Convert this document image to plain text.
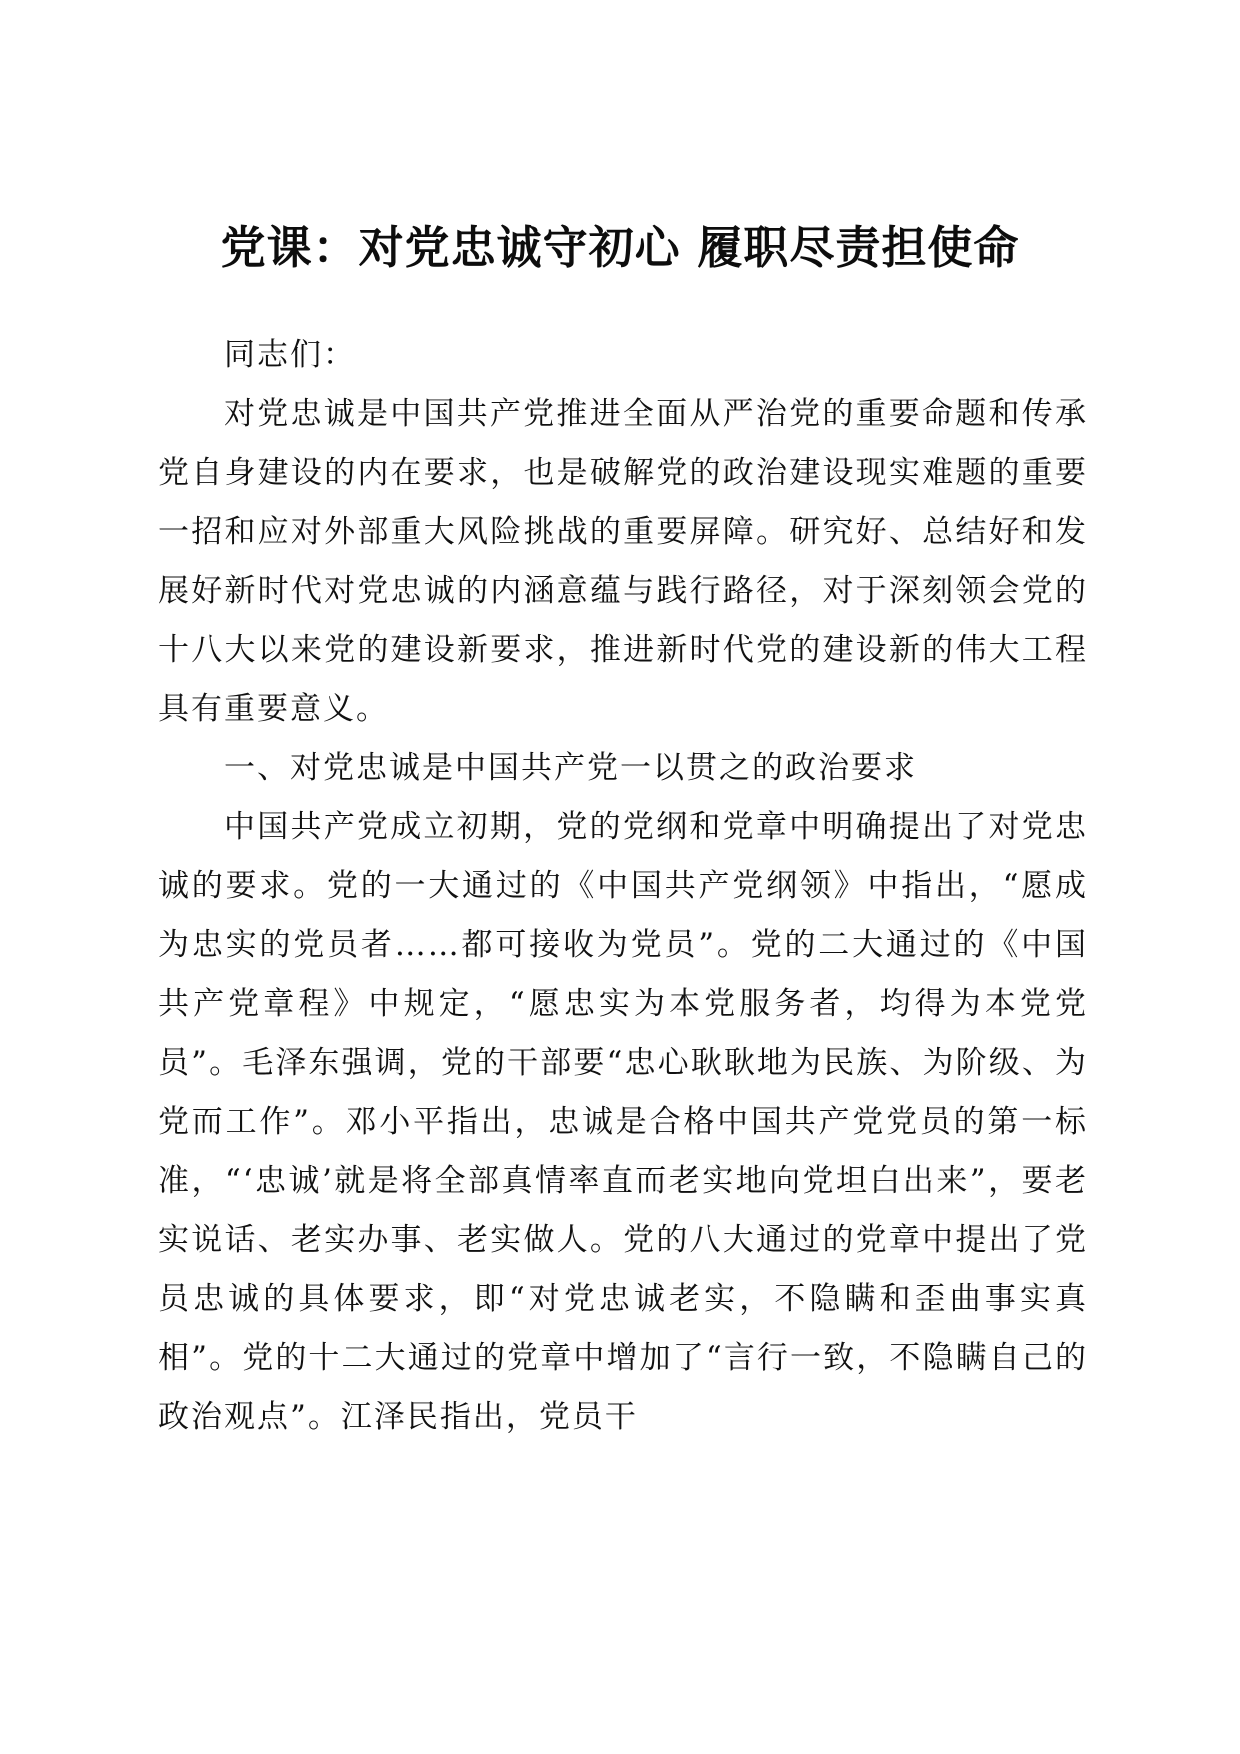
党课：对党忠诚守初心 履职尽责担使命

同志们：

对党忠诚是中国共产党推进全面从严治党的重要命题和传承党自身建设的内在要求，也是破解党的政治建设现实难题的重要一招和应对外部重大风险挑战的重要屏障。研究好、总结好和发展好新时代对党忠诚的内涵意蕴与践行路径，对于深刻领会党的十八大以来党的建设新要求，推进新时代党的建设新的伟大工程具有重要意义。

一、对党忠诚是中国共产党一以贯之的政治要求

中国共产党成立初期，党的党纲和党章中明确提出了对党忠诚的要求。党的一大通过的《中国共产党纲领》中指出，“愿成为忠实的党员者……都可接收为党员”。党的二大通过的《中国共产党章程》中规定，“愿忠实为本党服务者，均得为本党党员”。毛泽东强调，党的干部要“忠心耿耿地为民族、为阶级、为党而工作”。邓小平指出，忠诚是合格中国共产党党员的第一标准，“‘忠诚’就是将全部真情率直而老实地向党坦白出来”，要老实说话、老实办事、老实做人。党的八大通过的党章中提出了党员忠诚的具体要求，即“对党忠诚老实，不隐瞒和歪曲事实真相”。党的十二大通过的党章中增加了“言行一致，不隐瞒自己的政治观点”。江泽民指出，党员干
